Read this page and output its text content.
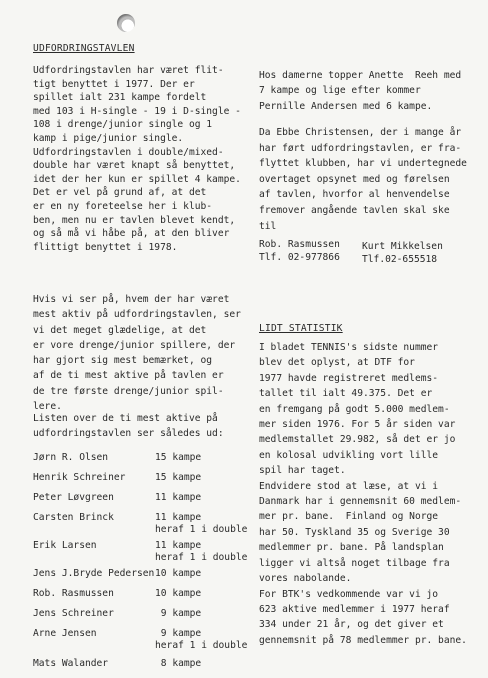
UDFORDRINGSTAVLEN
Udfordringstavlen har været flit-
tigt benyttet i 1977. Der er
spillet ialt 231 kampe fordelt
med 103 i H-single - 19 i D-single -
108 i drenge/junior single og 1
kamp i pige/junior single.
Udfordringstavlen i double/mixed-
double har været knapt så benyttet,
idet der her kun er spillet 4 kampe.
Det er vel på grund af, at det
er en ny foreteelse her i klub-
ben, men nu er tavlen blevet kendt,
og så må vi håbe på, at den bliver
flittigt benyttet i 1978.
Hvis vi ser på, hvem der har været
mest aktiv på udfordringstavlen, ser
vi det meget glædelige, at det
er vore drenge/junior spillere, der
har gjort sig mest bemærket, og
af de ti mest aktive på tavlen er
de tre første drenge/junior spil-
lere.
Listen over de ti mest aktive på
udfordringstavlen ser således ud:
Jørn R. Olsen	15 kampe
Henrik Schreiner	15 kampe
Peter Løvgreen	11 kampe
Carsten Brinck	11 kampe
heraf 1 i double
Erik Larsen	11 kampe
heraf 1 i double
Jens J.Bryde Pedersen	10 kampe
Rob. Rasmussen	10 kampe
Jens Schreiner	9 kampe
Arne Jensen	9 kampe
heraf 1 i double
Mats Walander	8 kampe
Hos damerne topper Anette  Reeh med
7 kampe og lige efter kommer
Pernille Andersen med 6 kampe.
Da Ebbe Christensen, der i mange år
har ført udfordringstavlen, er fra-
flyttet klubben, har vi undertegnede
overtaget opsynet med og førelsen
af tavlen, hvorfor al henvendelse
fremover angående tavlen skal ske
til
Rob. Rasmussen
Tlf. 02-977866
Kurt Mikkelsen
Tlf.02-655518
LIDT STATISTIK
I bladet TENNIS's sidste nummer
blev det oplyst, at DTF for
1977 havde registreret medlems-
tallet til ialt 49.375. Det er
en fremgang på godt 5.000 medlem-
mer siden 1976. For 5 år siden var
medlemstallet 29.982, så det er jo
en kolosal udvikling vort lille
spil har taget.
Endvidere stod at læse, at vi i
Danmark har i gennemsnit 60 medlem-
mer pr. bane.  Finland og Norge
har 50. Tyskland 35 og Sverige 30
medlemmer pr. bane. På landsplan
ligger vi altså noget tilbage fra
vores nabolande.
For BTK's vedkommende var vi jo
623 aktive medlemmer i 1977 heraf
334 under 21 år, og det giver et
gennemsnit på 78 medlemmer pr. bane.
